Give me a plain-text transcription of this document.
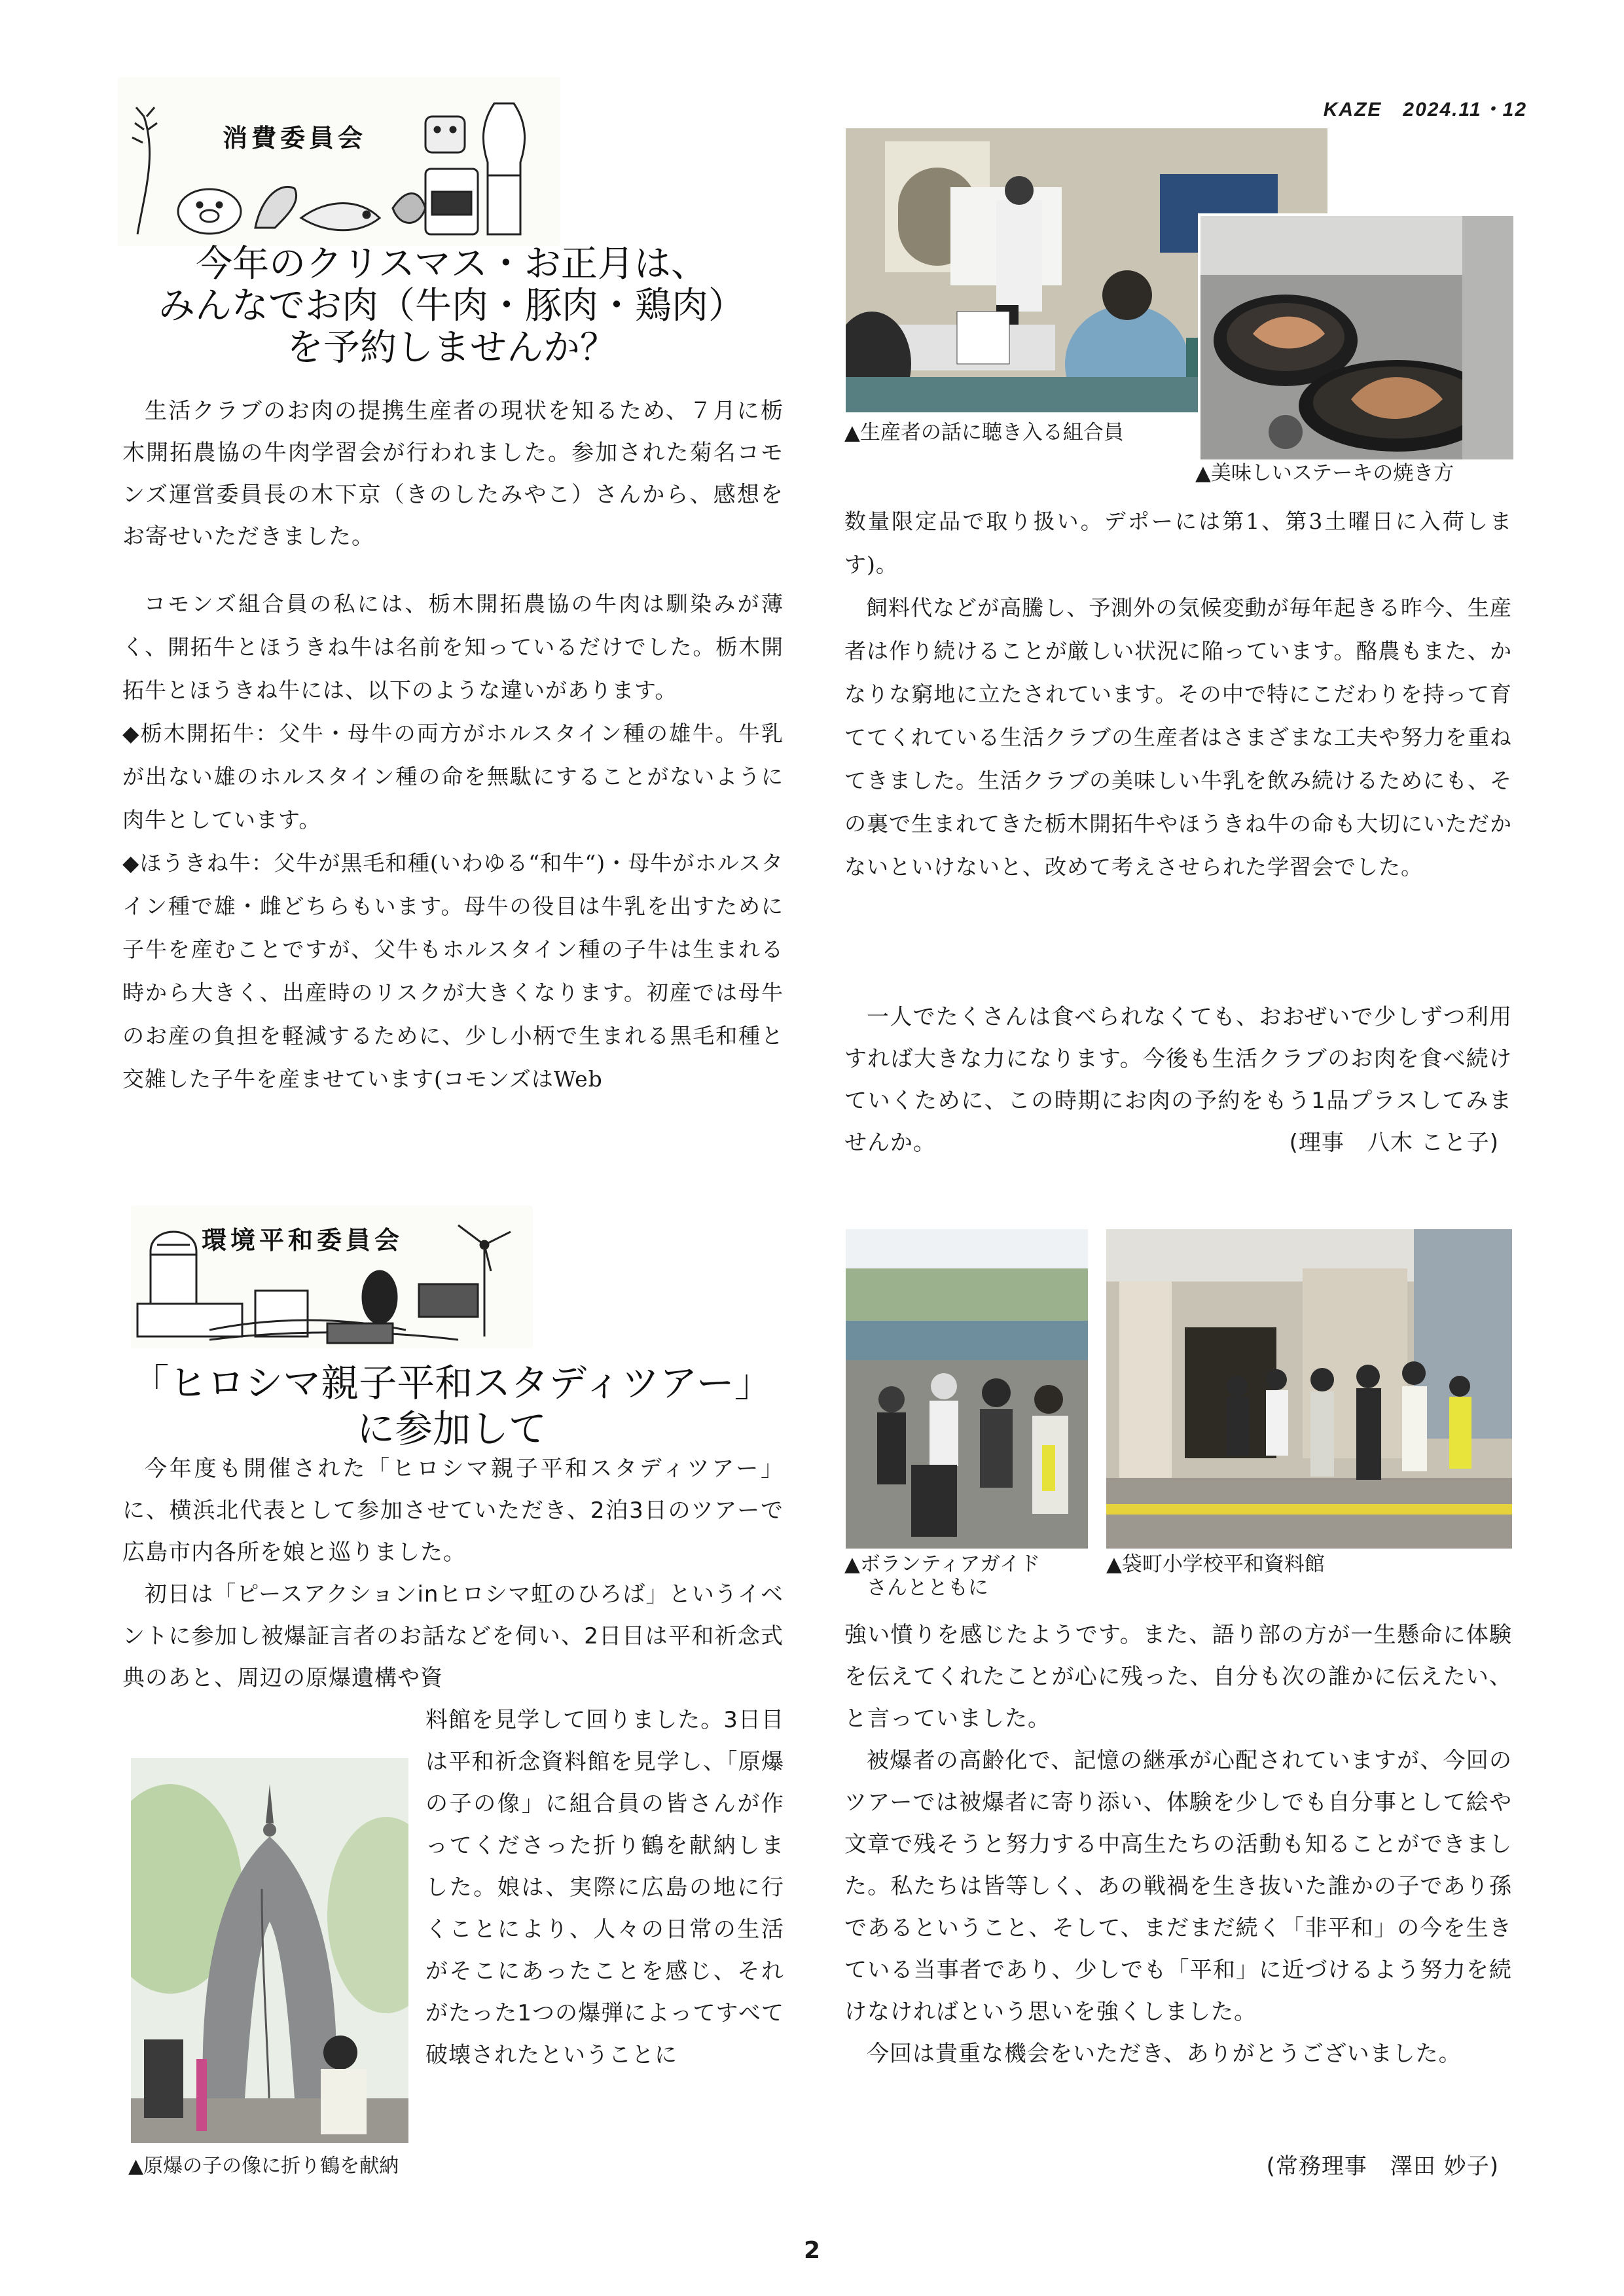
KAZE　2024.11・12
消費委員会
今年のクリスマス・お正月は、
みんなでお肉（牛肉・豚肉・鶏肉）
を予約しませんか？

生活クラブのお肉の提携生産者の現状を知るため、７月に栃木開拓農協の牛肉学習会が行われました。参加された菊名コモンズ運営委員長の木下京（きのしたみやこ）さんから、感想をお寄せいただきました。

コモンズ組合員の私には、栃木開拓農協の牛肉は馴染みが薄く、開拓牛とほうきね牛は名前を知っているだけでした。栃木開拓牛とほうきね牛には、以下のような違いがあります。

◆栃木開拓牛：父牛・母牛の両方がホルスタイン種の雄牛。牛乳が出ない雄のホルスタイン種の命を無駄にすることがないように肉牛としています。

◆ほうきね牛：父牛が黒毛和種(いわゆる“和牛“)・母牛がホルスタイン種で雄・雌どちらもいます。母牛の役目は牛乳を出すために子牛を産むことですが、父牛もホルスタイン種の子牛は生まれる時から大きく、出産時のリスクが大きくなります。初産では母牛のお産の負担を軽減するために、少し小柄で生まれる黒毛和種と交雑した子牛を産ませています(コモンズはWeb

▲生産者の話に聴き入る組合員
▲美味しいステーキの焼き方

数量限定品で取り扱い。デポーには第1、第3土曜日に入荷します)。

飼料代などが高騰し、予測外の気候変動が毎年起きる昨今、生産者は作り続けることが厳しい状況に陥っています。酪農もまた、かなりな窮地に立たされています。その中で特にこだわりを持って育ててくれている生活クラブの生産者はさまざまな工夫や努力を重ねてきました。生活クラブの美味しい牛乳を飲み続けるためにも、その裏で生まれてきた栃木開拓牛やほうきね牛の命も大切にいただかないといけないと、改めて考えさせられた学習会でした。

一人でたくさんは食べられなくても、おおぜいで少しずつ利用すれば大きな力になります。今後も生活クラブのお肉を食べ続けていくために、この時期にお肉の予約をもう1品プラスしてみませんか。	(理事　八木 こと子)
環境平和委員会
「ヒロシマ親子平和スタディツアー」
に参加して

今年度も開催された「ヒロシマ親子平和スタディツアー」に、横浜北代表として参加させていただき、2泊3日のツアーで広島市内各所を娘と巡りました。

初日は「ピースアクションinヒロシマ虹のひろば」というイベントに参加し被爆証言者のお話などを伺い、2日目は平和祈念式典のあと、周辺の原爆遺構や資

料館を見学して回りました。3日目は平和祈念資料館を見学し、「原爆の子の像」に組合員の皆さんが作ってくださった折り鶴を献納しました。娘は、実際に広島の地に行くことにより、人々の日常の生活がそこにあったことを感じ、それがたった1つの爆弾によってすべて破壊されたということに

▲原爆の子の像に折り鶴を献納
▲ボランティアガイド
さんとともに
▲袋町小学校平和資料館

強い憤りを感じたようです。また、語り部の方が一生懸命に体験を伝えてくれたことが心に残った、自分も次の誰かに伝えたい、と言っていました。

被爆者の高齢化で、記憶の継承が心配されていますが、今回のツアーでは被爆者に寄り添い、体験を少しでも自分事として絵や文章で残そうと努力する中高生たちの活動も知ることができました。私たちは皆等しく、あの戦禍を生き抜いた誰かの子であり孫であるということ、そして、まだまだ続く「非平和」の今を生きている当事者であり、少しでも「平和」に近づけるよう努力を続けなければという思いを強くしました。

今回は貴重な機会をいただき、ありがとうございました。

(常務理事　澤田 妙子)
2
